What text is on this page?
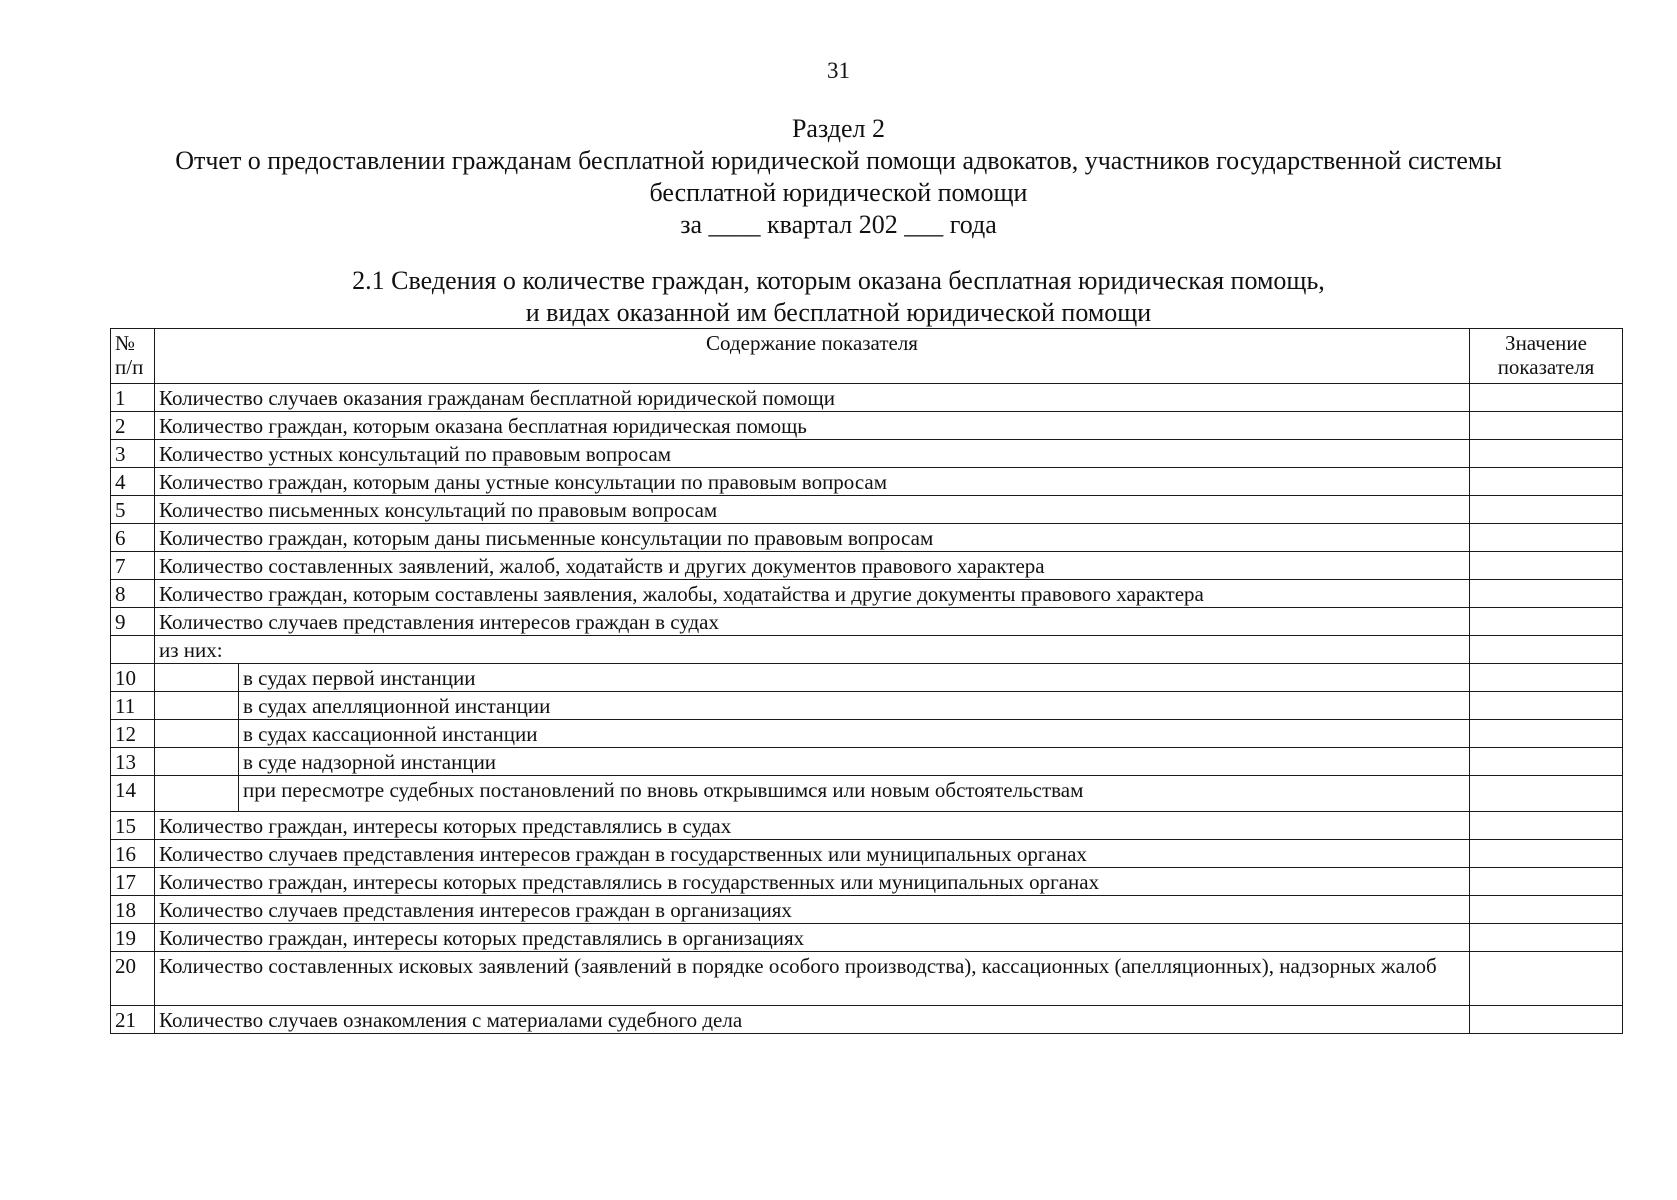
31
Раздел 2
Отчет о предоставлении гражданам бесплатной юридической помощи адвокатов, участников государственной системы
бесплатной юридической помощи
за ____ квартал 202 ___ года
2.1 Сведения о количестве граждан, которым оказана бесплатная юридическая помощь,
и видах оказанной им бесплатной юридической помощи
№ п/п	Содержание показателя		Значение показателя
1	Количество случаев оказания гражданам бесплатной юридической помощи		
2	Количество граждан, которым оказана бесплатная юридическая помощь		
3	Количество устных консультаций по правовым вопросам		
4	Количество граждан, которым даны устные консультации по правовым вопросам		
5	Количество письменных консультаций по правовым вопросам		
6	Количество граждан, которым даны письменные консультации по правовым вопросам		
7	Количество составленных заявлений, жалоб, ходатайств и других документов правового характера		
8	Количество граждан, которым составлены заявления, жалобы, ходатайства и другие документы правового характера		
9	Количество случаев представления интересов граждан в судах		
	из них:		
10		в судах первой инстанции	
11		в судах апелляционной инстанции	
12		в судах кассационной инстанции	
13		в суде надзорной инстанции	
14		при пересмотре судебных постановлений по вновь открывшимся или новым обстоятельствам	
15	Количество граждан, интересы которых представлялись в судах		
16	Количество случаев представления интересов граждан в государственных или муниципальных органах		
17	Количество граждан, интересы которых представлялись в государственных или муниципальных органах		
18	Количество случаев представления интересов граждан в организациях		
19	Количество граждан, интересы которых представлялись в организациях		
20	Количество составленных исковых заявлений (заявлений в порядке особого производства), кассационных (апелляционных), надзорных жалоб		
21	Количество случаев ознакомления с материалами судебного дела		
